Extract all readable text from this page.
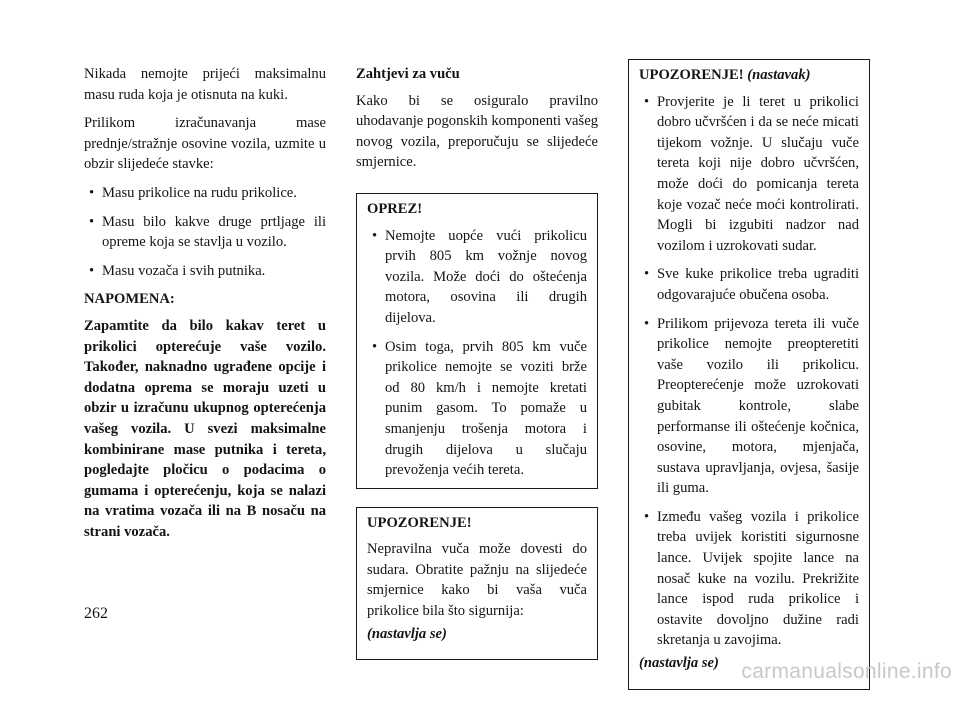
Nikada nemojte prijeći maksimalnu masu ruda koja je otisnuta na kuki.

Prilikom izračunavanja mase prednje/stražnje osovine vozila, uzmite u obzir slijedeće stavke:

• Masu prikolice na rudu prikolice.

• Masu bilo kakve druge prtljage ili opreme koja se stavlja u vozilo.

• Masu vozača i svih putnika.

NAPOMENA:

Zapamtite da bilo kakav teret u prikolici opterećuje vaše vozilo. Također, naknadno ugrađene opcije i dodatna oprema se moraju uzeti u obzir u izračunu ukupnog opterećenja vašeg vozila. U svezi maksimalne kombinirane mase putnika i tereta, pogledajte pločicu o podacima o gumama i opterećenju, koja se nalazi na vratima vozača ili na B nosaču na strani vozača.

Zahtjevi za vuču

Kako bi se osiguralo pravilno uhodavanje pogonskih komponenti vašeg novog vozila, preporučuju se slijedeće smjernice.

OPREZ!

• Nemojte uopće vući prikolicu prvih 805 km vožnje novog vozila. Može doći do oštećenja motora, osovina ili drugih dijelova.

• Osim toga, prvih 805 km vuče prikolice nemojte se voziti brže od 80 km/h i nemojte kretati punim gasom. To pomaže u smanjenju trošenja motora i drugih dijelova u slučaju prevoženja većih tereta.

UPOZORENJE!

Nepravilna vuča može dovesti do sudara. Obratite pažnju na slijedeće smjernice kako bi vaša vuča prikolice bila što sigurnija:

(nastavlja se)

UPOZORENJE! (nastavak)

• Provjerite je li teret u prikolici dobro učvršćen i da se neće micati tijekom vožnje. U slučaju vuče tereta koji nije dobro učvršćen, može doći do pomicanja tereta koje vozač neće moći kontrolirati. Mogli bi izgubiti nadzor nad vozilom i uzrokovati sudar.

• Sve kuke prikolice treba ugraditi odgovarajuće obučena osoba.

• Prilikom prijevoza tereta ili vuče prikolice nemojte preopteretiti vaše vozilo ili prikolicu. Preopterećenje može uzrokovati gubitak kontrole, slabe performanse ili oštećenje kočnica, osovine, motora, mjenjača, sustava upravljanja, ovjesa, šasije ili guma.

• Između vašeg vozila i prikolice treba uvijek koristiti sigurnosne lance. Uvijek spojite lance na nosač kuke na vozilu. Prekrižite lance ispod ruda prikolice i ostavite dovoljno dužine radi skretanja u zavojima.

(nastavlja se)

262
carmanualsonline.info
